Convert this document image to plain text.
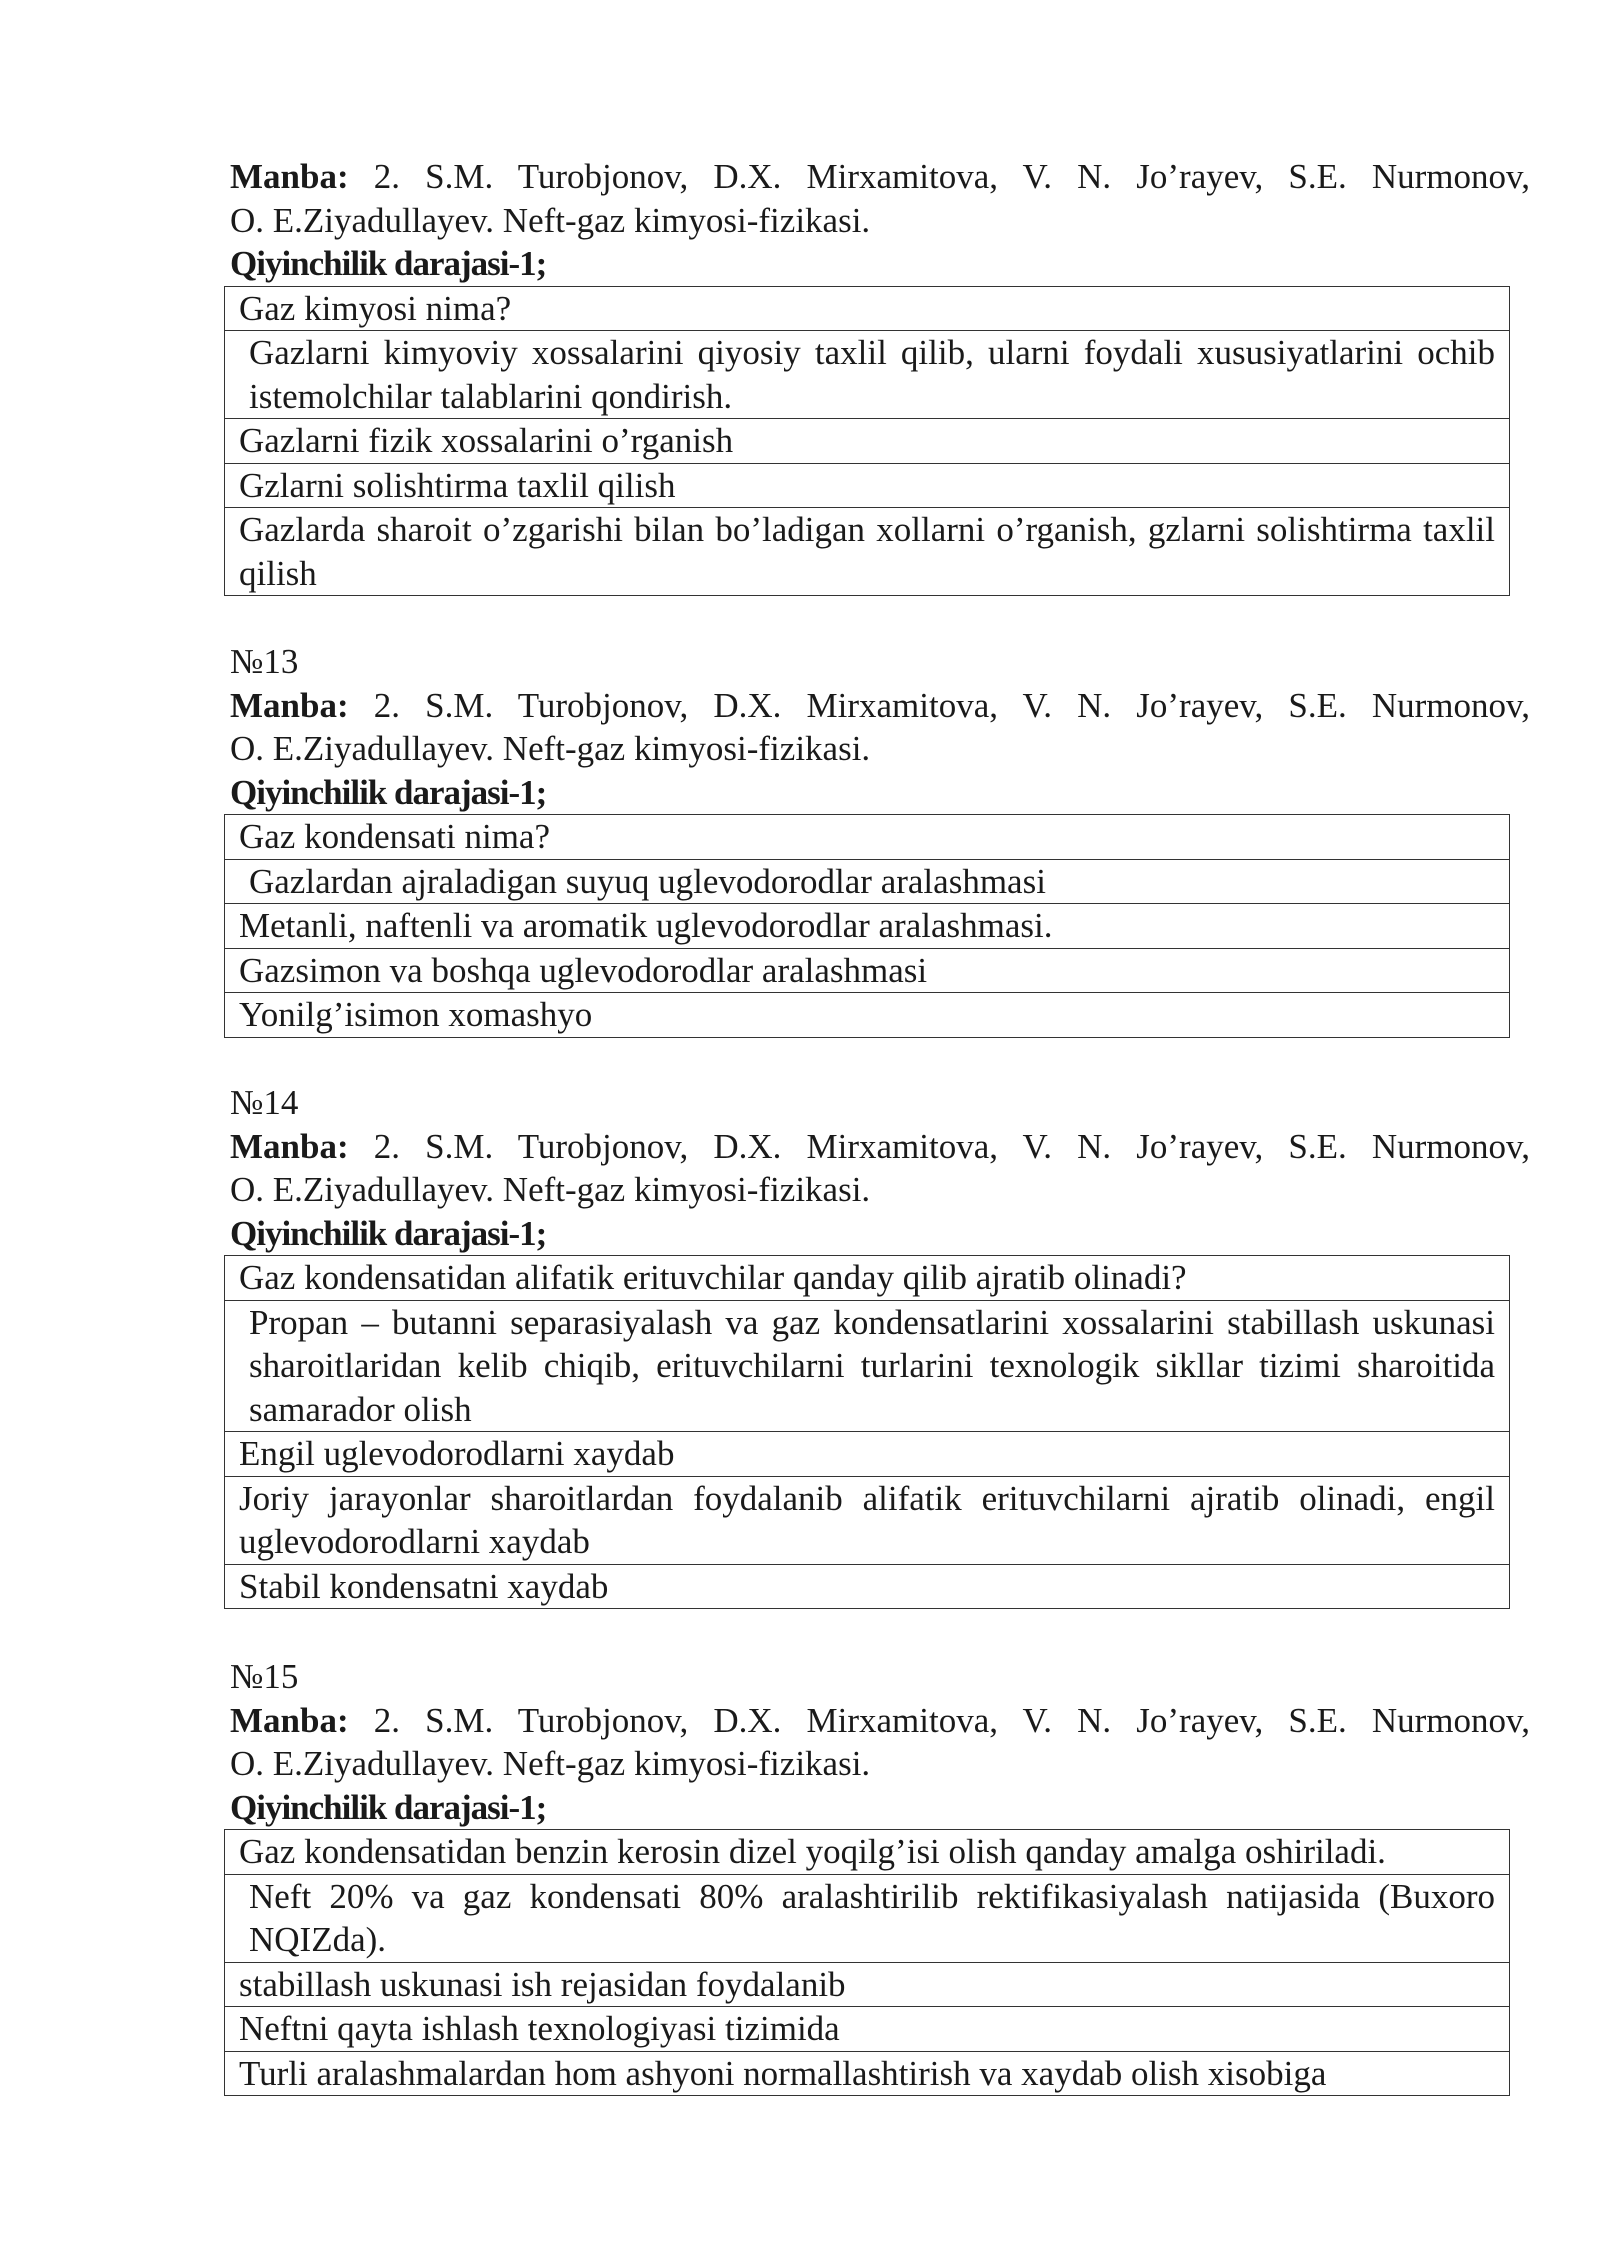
Manba: 2. S.M. Turobjonov, D.X. Mirxamitova, V. N. Jo’rayev, S.E. Nurmonov,
O. E.Ziyadullayev. Neft-gaz kimyosi-fizikasi.
Qiyinchilik darajasi-1;
Gaz kimyosi nima?
Gazlarni kimyoviy xossalarini qiyosiy taxlil qilib, ularni foydali xususiyatlarini ochib istemolchilar talablarini qondirish.
Gazlarni fizik xossalarini o’rganish
Gzlarni solishtirma taxlil qilish
Gazlarda sharoit o’zgarishi bilan bo’ladigan xollarni o’rganish, gzlarni solishtirma taxlil qilish
№13
Manba: 2. S.M. Turobjonov, D.X. Mirxamitova, V. N. Jo’rayev, S.E. Nurmonov,
O. E.Ziyadullayev. Neft-gaz kimyosi-fizikasi.
Qiyinchilik darajasi-1;
Gaz kondensati nima?
Gazlardan ajraladigan suyuq uglevodorodlar aralashmasi
Metanli, naftenli va aromatik uglevodorodlar aralashmasi.
Gazsimon va boshqa uglevodorodlar aralashmasi
Yonilg’isimon xomashyo
№14
Manba: 2. S.M. Turobjonov, D.X. Mirxamitova, V. N. Jo’rayev, S.E. Nurmonov,
O. E.Ziyadullayev. Neft-gaz kimyosi-fizikasi.
Qiyinchilik darajasi-1;
Gaz kondensatidan alifatik erituvchilar qanday qilib ajratib olinadi?
Propan – butanni separasiyalash va gaz kondensatlarini xossalarini stabillash uskunasi sharoitlaridan kelib chiqib, erituvchilarni turlarini texnologik sikllar tizimi sharoitida samarador olish
Engil uglevodorodlarni xaydab
Joriy jarayonlar sharoitlardan foydalanib alifatik erituvchilarni ajratib olinadi, engil uglevodorodlarni xaydab
Stabil kondensatni xaydab
№15
Manba: 2. S.M. Turobjonov, D.X. Mirxamitova, V. N. Jo’rayev, S.E. Nurmonov,
O. E.Ziyadullayev. Neft-gaz kimyosi-fizikasi.
Qiyinchilik darajasi-1;
Gaz kondensatidan benzin kerosin dizel yoqilg’isi olish qanday amalga oshiriladi.
Neft 20% va gaz kondensati 80% aralashtirilib rektifikasiyalash natijasida (Buxoro NQIZda).
stabillash uskunasi ish rejasidan foydalanib
Neftni qayta ishlash texnologiyasi tizimida
Turli aralashmalardan hom ashyoni normallashtirish va xaydab olish xisobiga
